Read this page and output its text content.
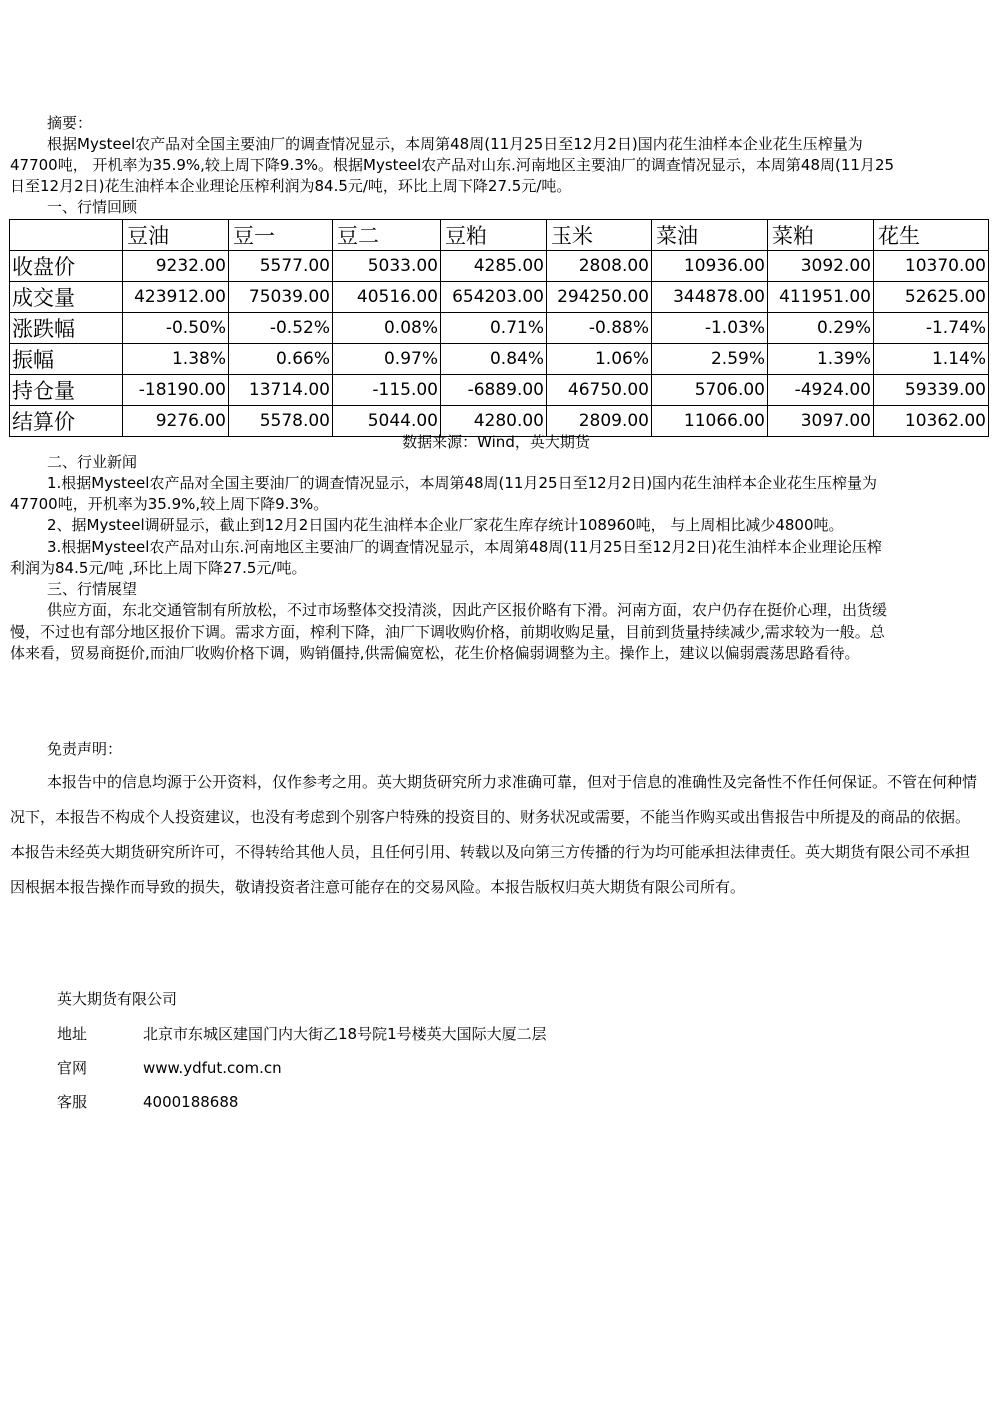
摘要：
根据Mysteel农产品对全国主要油厂的调查情况显示，本周第48周(11月25日至12月2日)国内花生油样本企业花生压榨量为
47700吨， 开机率为35.9%,较上周下降9.3%。根据Mysteel农产品对山东.河南地区主要油厂的调查情况显示，本周第48周(11月25
日至12月2日)花生油样本企业理论压榨利润为84.5元/吨，环比上周下降27.5元/吨。
一、行情回顾
	豆油	豆一	豆二	豆粕	玉米	菜油	菜粕	花生
收盘价	9232.00	5577.00	5033.00	4285.00	2808.00	10936.00	3092.00	10370.00
成交量	423912.00	75039.00	40516.00	654203.00	294250.00	344878.00	411951.00	52625.00
涨跌幅	-0.50%	-0.52%	0.08%	0.71%	-0.88%	-1.03%	0.29%	-1.74%
振幅	1.38%	0.66%	0.97%	0.84%	1.06%	2.59%	1.39%	1.14%
持仓量	-18190.00	13714.00	-115.00	-6889.00	46750.00	5706.00	-4924.00	59339.00
结算价	9276.00	5578.00	5044.00	4280.00	2809.00	11066.00	3097.00	10362.00
数据来源：Wind，英大期货
二、行业新闻
1.根据Mysteel农产品对全国主要油厂的调查情况显示，本周第48周(11月25日至12月2日)国内花生油样本企业花生压榨量为
47700吨，开机率为35.9%,较上周下降9.3%。
2、据Mysteel调研显示，截止到12月2日国内花生油样本企业厂家花生库存统计108960吨， 与上周相比减少4800吨。
3.根据Mysteel农产品对山东.河南地区主要油厂的调查情况显示，本周第48周(11月25日至12月2日)花生油样本企业理论压榨
利润为84.5元/吨 ,环比上周下降27.5元/吨。
三、行情展望
供应方面，东北交通管制有所放松，不过市场整体交投清淡，因此产区报价略有下滑。河南方面，农户仍存在挺价心理，出货缓
慢，不过也有部分地区报价下调。需求方面，榨利下降，油厂下调收购价格，前期收购足量，目前到货量持续减少,需求较为一般。总
体来看，贸易商挺价,而油厂收购价格下调，购销僵持,供需偏宽松，花生价格偏弱调整为主。操作上，建议以偏弱震荡思路看待。
免责声明：
本报告中的信息均源于公开资料，仅作参考之用。英大期货研究所力求准确可靠，但对于信息的准确性及完备性不作任何保证。不管在何种情况下，本报告不构成个人投资建议，也没有考虑到个别客户特殊的投资目的、财务状况或需要，不能当作购买或出售报告中所提及的商品的依据。本报告未经英大期货研究所许可，不得转给其他人员，且任何引用、转载以及向第三方传播的行为均可能承担法律责任。英大期货有限公司不承担因根据本报告操作而导致的损失，敬请投资者注意可能存在的交易风险。本报告版权归英大期货有限公司所有。
英大期货有限公司
地址	北京市东城区建国门内大街乙18号院1号楼英大国际大厦二层
官网	www.ydfut.com.cn
客服	4000188688
